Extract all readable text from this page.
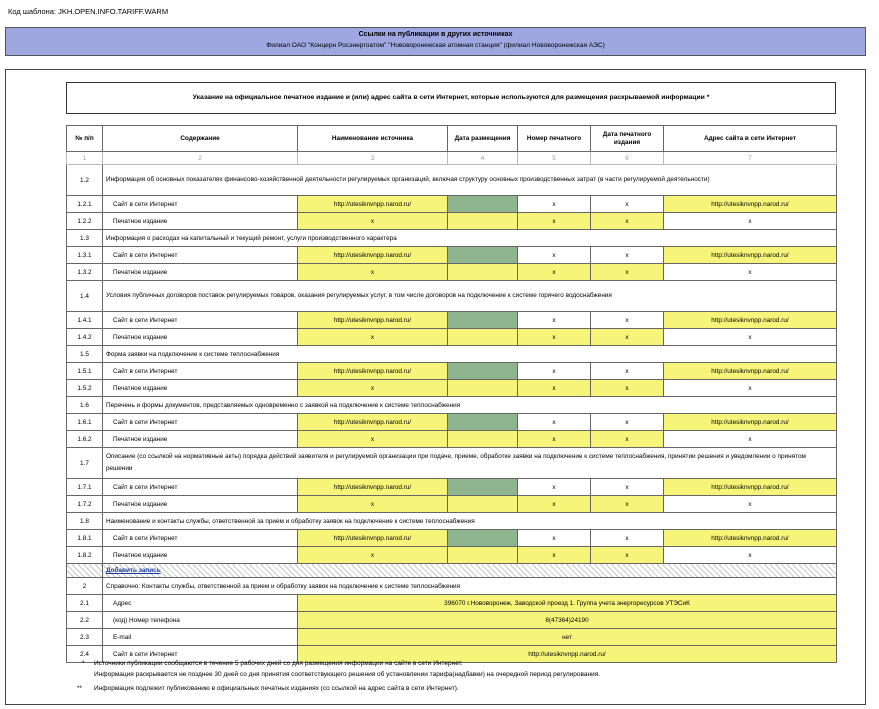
Код шаблона: JKH.OPEN.INFO.TARIFF.WARM
Ссылки на публикации в других источниках
Филиал ОАО "Концерн Росэнергоатом" "Нововоронежская атомная станция" (филиал Нововоронежская АЭС)
Указание на официальное печатное издание и (или) адрес сайта в сети Интернет, которые используются для размещения раскрываемой информации *
№ п/п	Содержание	Наименование источника	Дата размещения	Номер печатного	Дата печатного издания	Адрес сайта в сети Интернет
1	2	3	4	5	6	7
1.2	Информация об основных показателях финансово-хозяйственной деятельности регулируемых организаций, включая структуру основных производственных затрат (в части регулируемой деятельности)					
1.2.1	Сайт в сети Интернет	http://utesiknvnpp.narod.ru/		x	x	http://utesiknvnpp.narod.ru/
1.2.2	Печатное издание	x		x	x	x
1.3	Информация о расходах на капитальный и текущий ремонт, услуги производственного характера					
1.3.1	Сайт в сети Интернет	http://utesiknvnpp.narod.ru/		x	x	http://utesiknvnpp.narod.ru/
1.3.2	Печатное издание	x		x	x	x
1.4	Условия публичных договоров поставок регулируемых товаров, оказания регулируемых услуг, в том числе договоров на подключение к системе горячего водоснабжения					
1.4.1	Сайт в сети Интернет	http://utesiknvnpp.narod.ru/		x	x	http://utesiknvnpp.narod.ru/
1.4.2	Печатное издание	x		x	x	x
1.5	Форма заявки на подключение к системе теплоснабжения					
1.5.1	Сайт в сети Интернет	http://utesiknvnpp.narod.ru/		x	x	http://utesiknvnpp.narod.ru/
1.5.2	Печатное издание	x		x	x	x
1.6	Перечень и формы документов, представляемых одновременно с заявкой на подключение к системе теплоснабжения					
1.6.1	Сайт в сети Интернет	http://utesiknvnpp.narod.ru/		x	x	http://utesiknvnpp.narod.ru/
1.6.2	Печатное издание	x		x	x	x
1.7	Описание (со ссылкой на нормативные акты) порядка действий заявителя и регулируемой организации при подаче, приеме, обработке заявки на подключение к системе теплоснабжения, принятии решения и уведомлении о принятом решении					
1.7.1	Сайт в сети Интернет	http://utesiknvnpp.narod.ru/		x	x	http://utesiknvnpp.narod.ru/
1.7.2	Печатное издание	x		x	x	x
1.8	Наименование и контакты службы, ответственной за прием и обработку заявок на подключение к системе теплоснабжения					
1.8.1	Сайт в сети Интернет	http://utesiknvnpp.narod.ru/		x	x	http://utesiknvnpp.narod.ru/
1.8.2	Печатное издание	x		x	x	x
	Добавить запись					
2	Справочно: Контакты службы, ответственной за прием и обработку заявок на подключение к системе теплоснабжения					
2.1	Адрес	396070 г.Нововоронеж, Заводской проезд 1. Группа учета энергоресурсов УТЭСиК				
2.2	(код) Номер телефона	8(47364)24190				
2.3	E-mail	нет				
2.4	Сайт в сети Интернет	http://utesiknvnpp.narod.ru/				
* Источники публикации сообщаются в течение 5 рабочих дней со дня размещения информации на сайте в сети Интернет.
Информация раскрывается не позднее 30 дней со дня принятия соответствующего решения об установлении тарифа(надбавки) на очередной период регулирования.
** Информация подлежит публикованию в официальных печатных изданиях (со ссылкой на адрес сайта в сети Интернет).
